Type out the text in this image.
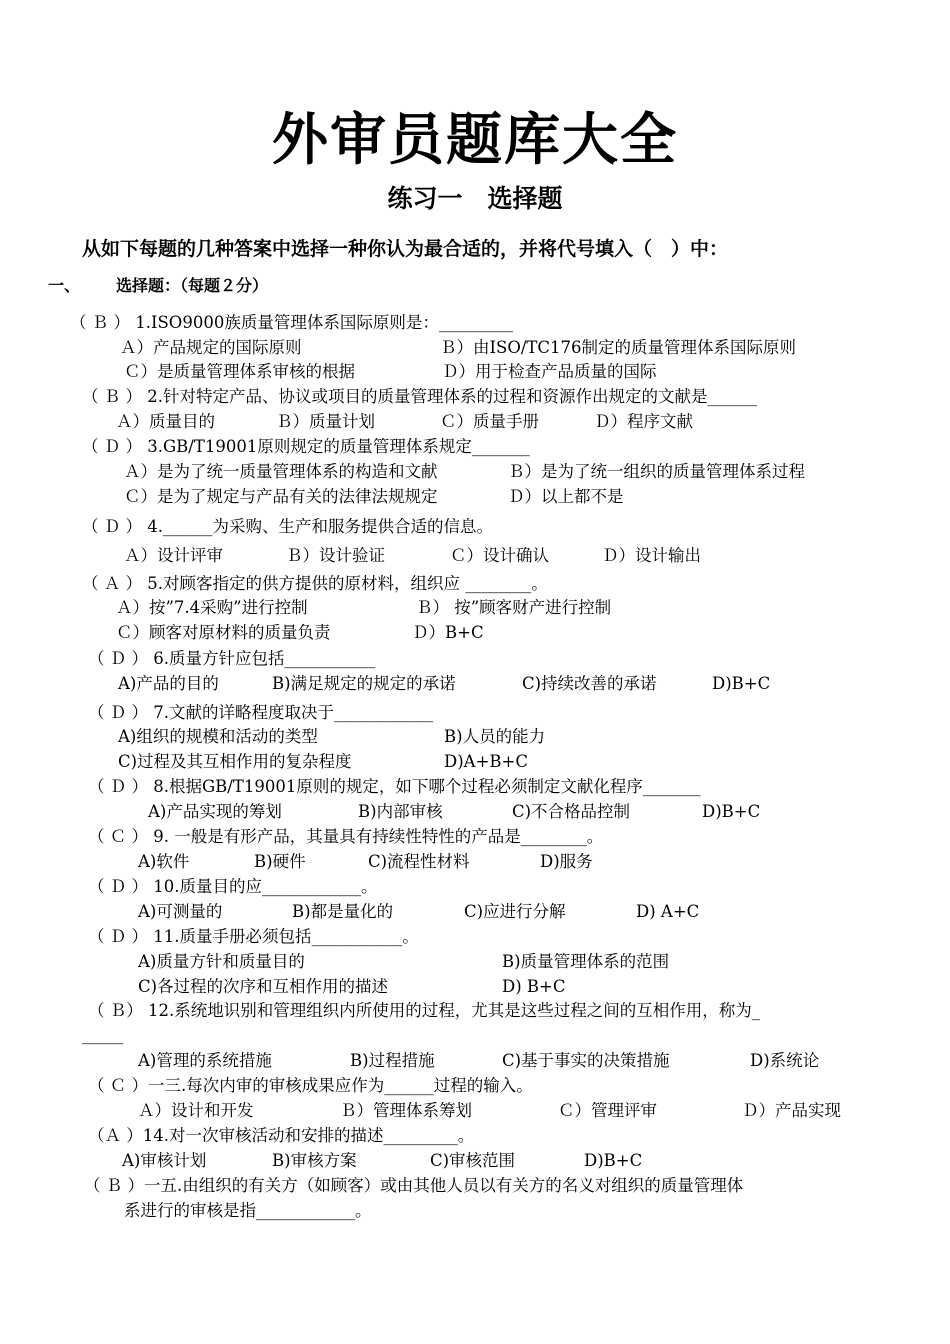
外审员题库大全
练习一　选择题
从如下每题的几种答案中选择一种你认为最合适的，并将代号填入（　）中：
一、 选择题：（每题２分）
（ Ｂ ） 1.ISO9000族质量管理体系国际原则是：_________
Ａ）产品规定的国际原则	Ｂ）由ISO/TC176制定的质量管理体系国际原则
Ｃ）是质量管理体系审核的根据	Ｄ）用于检查产品质量的国际
（ Ｂ ） 2.针对特定产品、协议或项目的质量管理体系的过程和资源作出规定的文献是______
Ａ）质量目的	Ｂ）质量计划	Ｃ）质量手册	Ｄ）程序文献
（ Ｄ ） 3.GB/T19001原则规定的质量管理体系规定_______
Ａ）是为了统一质量管理体系的构造和文献	Ｂ）是为了统一组织的质量管理体系过程
Ｃ）是为了规定与产品有关的法律法规规定	Ｄ）以上都不是
（ Ｄ ） 4.______为采购、生产和服务提供合适的信息。
Ａ）设计评审	Ｂ）设计验证	Ｃ）设计确认	Ｄ）设计输出
（ Ａ ） 5.对顾客指定的供方提供的原材料，组织应 ________。
Ａ）按”7.4采购”进行控制	Ｂ） 按”顾客财产进行控制
Ｃ）顾客对原材料的质量负责	Ｄ）B+C
（ Ｄ ） 6.质量方针应包括___________
A)产品的目的	B)满足规定的规定的承诺	C)持续改善的承诺	D)B+C
（ Ｄ ） 7.文献的详略程度取决于____________
A)组织的规模和活动的类型	B)人员的能力
C)过程及其互相作用的复杂程度	D)A+B+C
（ Ｄ ） 8.根据GB/T19001原则的规定，如下哪个过程必须制定文献化程序_______
A)产品实现的筹划	B)内部审核	C)不合格品控制	D)B+C
（ Ｃ ） 9. 一般是有形产品，其量具有持续性特性的产品是________。
A)软件	B)硬件	C)流程性材料	D)服务
（ Ｄ ） 10.质量目的应____________。
A)可测量的	B)都是量化的	C)应进行分解	D) A+C
（ Ｄ ） 11.质量手册必须包括___________。
A)质量方针和质量目的	B)质量管理体系的范围
C)各过程的次序和互相作用的描述	D) B+C
（ Ｂ） 12.系统地识别和管理组织内所使用的过程，尤其是这些过程之间的互相作用，称为_
_____
A)管理的系统措施	B)过程措施	C)基于事实的决策措施	D)系统论
（ Ｃ ）一三.每次内审的审核成果应作为______过程的输入。
Ａ）设计和开发	Ｂ）管理体系筹划	Ｃ）管理评审	Ｄ）产品实现
（Ａ ）14.对一次审核活动和安排的描述_________。
A)审核计划	B)审核方案	C)审核范围	D)B+C
（ Ｂ ）一五.由组织的有关方（如顾客）或由其他人员以有关方的名义对组织的质量管理体
系进行的审核是指____________。
